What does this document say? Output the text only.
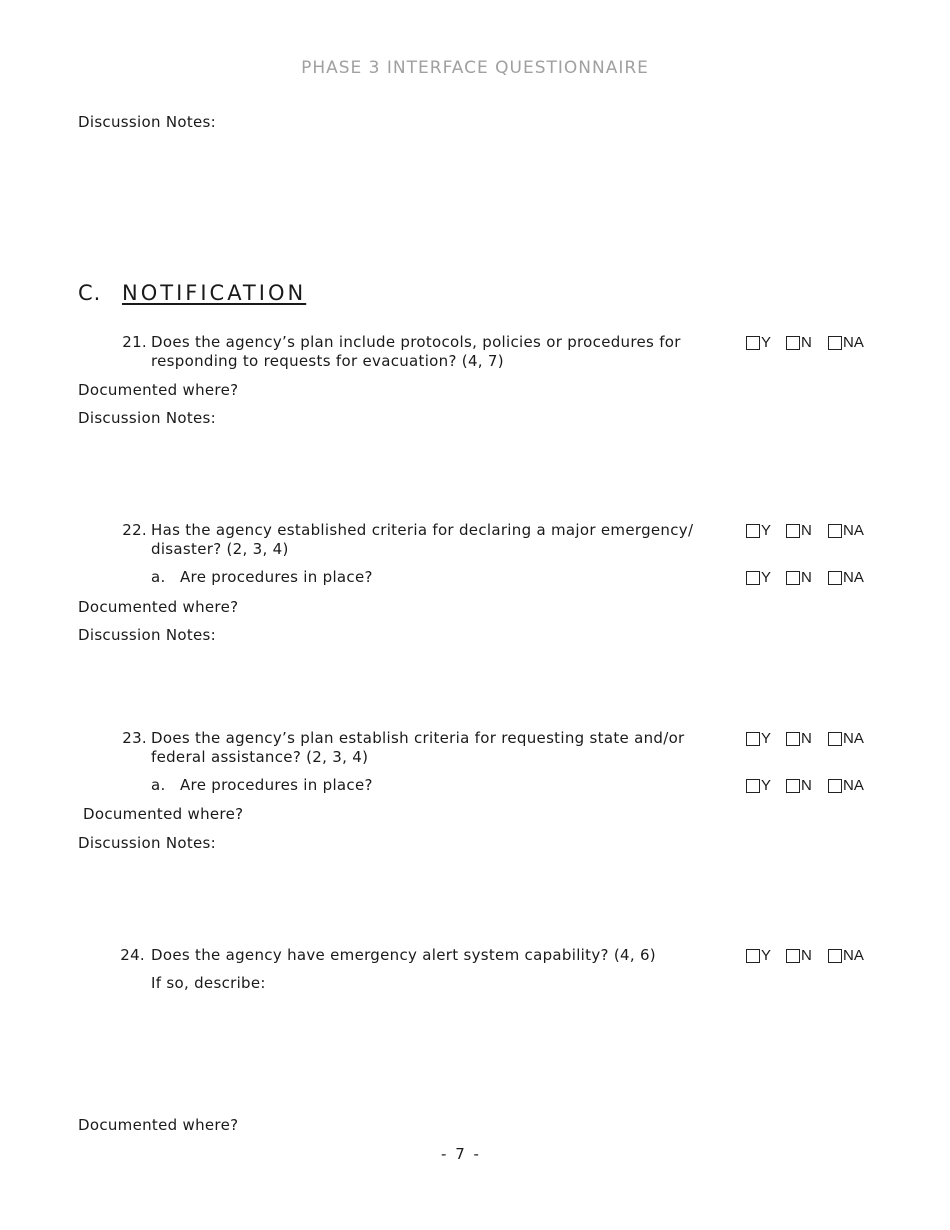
PHASE 3 INTERFACE QUESTIONNAIRE
Discussion Notes:
C. NOTIFICATION
21. Does the agency’s plan include protocols, policies or procedures for
responding to requests for evacuation? (4, 7)
Y N NA
Documented where?
Discussion Notes:
22. Has the agency established criteria for declaring a major emergency/
disaster? (2, 3, 4)
Y N NA
a. Are procedures in place?	Y N NA
Documented where?
Discussion Notes:
23. Does the agency’s plan establish criteria for requesting state and/or
federal assistance? (2, 3, 4)
Y N NA
a. Are procedures in place?	Y N NA
Documented where?
Discussion Notes:
24. Does the agency have emergency alert system capability? (4, 6)	Y N NA
If so, describe:
Documented where?
- 7 -
